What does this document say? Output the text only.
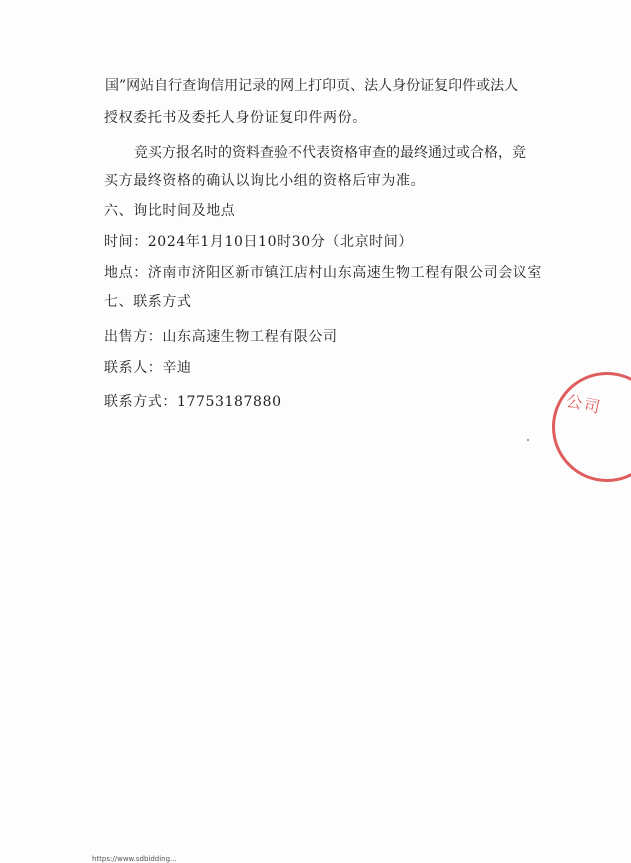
国”网站自行查询信用记录的网上打印页、法人身份证复印件或法人
授权委托书及委托人身份证复印件两份。
竞买方报名时的资料查验不代表资格审查的最终通过或合格，竞
买方最终资格的确认以询比小组的资格后审为准。
六、询比时间及地点
时间：2024年1月10日10时30分（北京时间）
地点：济南市济阳区新市镇江店村山东高速生物工程有限公司会议室
七、联系方式
出售方：山东高速生物工程有限公司
联系人：辛迪
联系方式：17753187880	公司
https://www.sdbidding...
